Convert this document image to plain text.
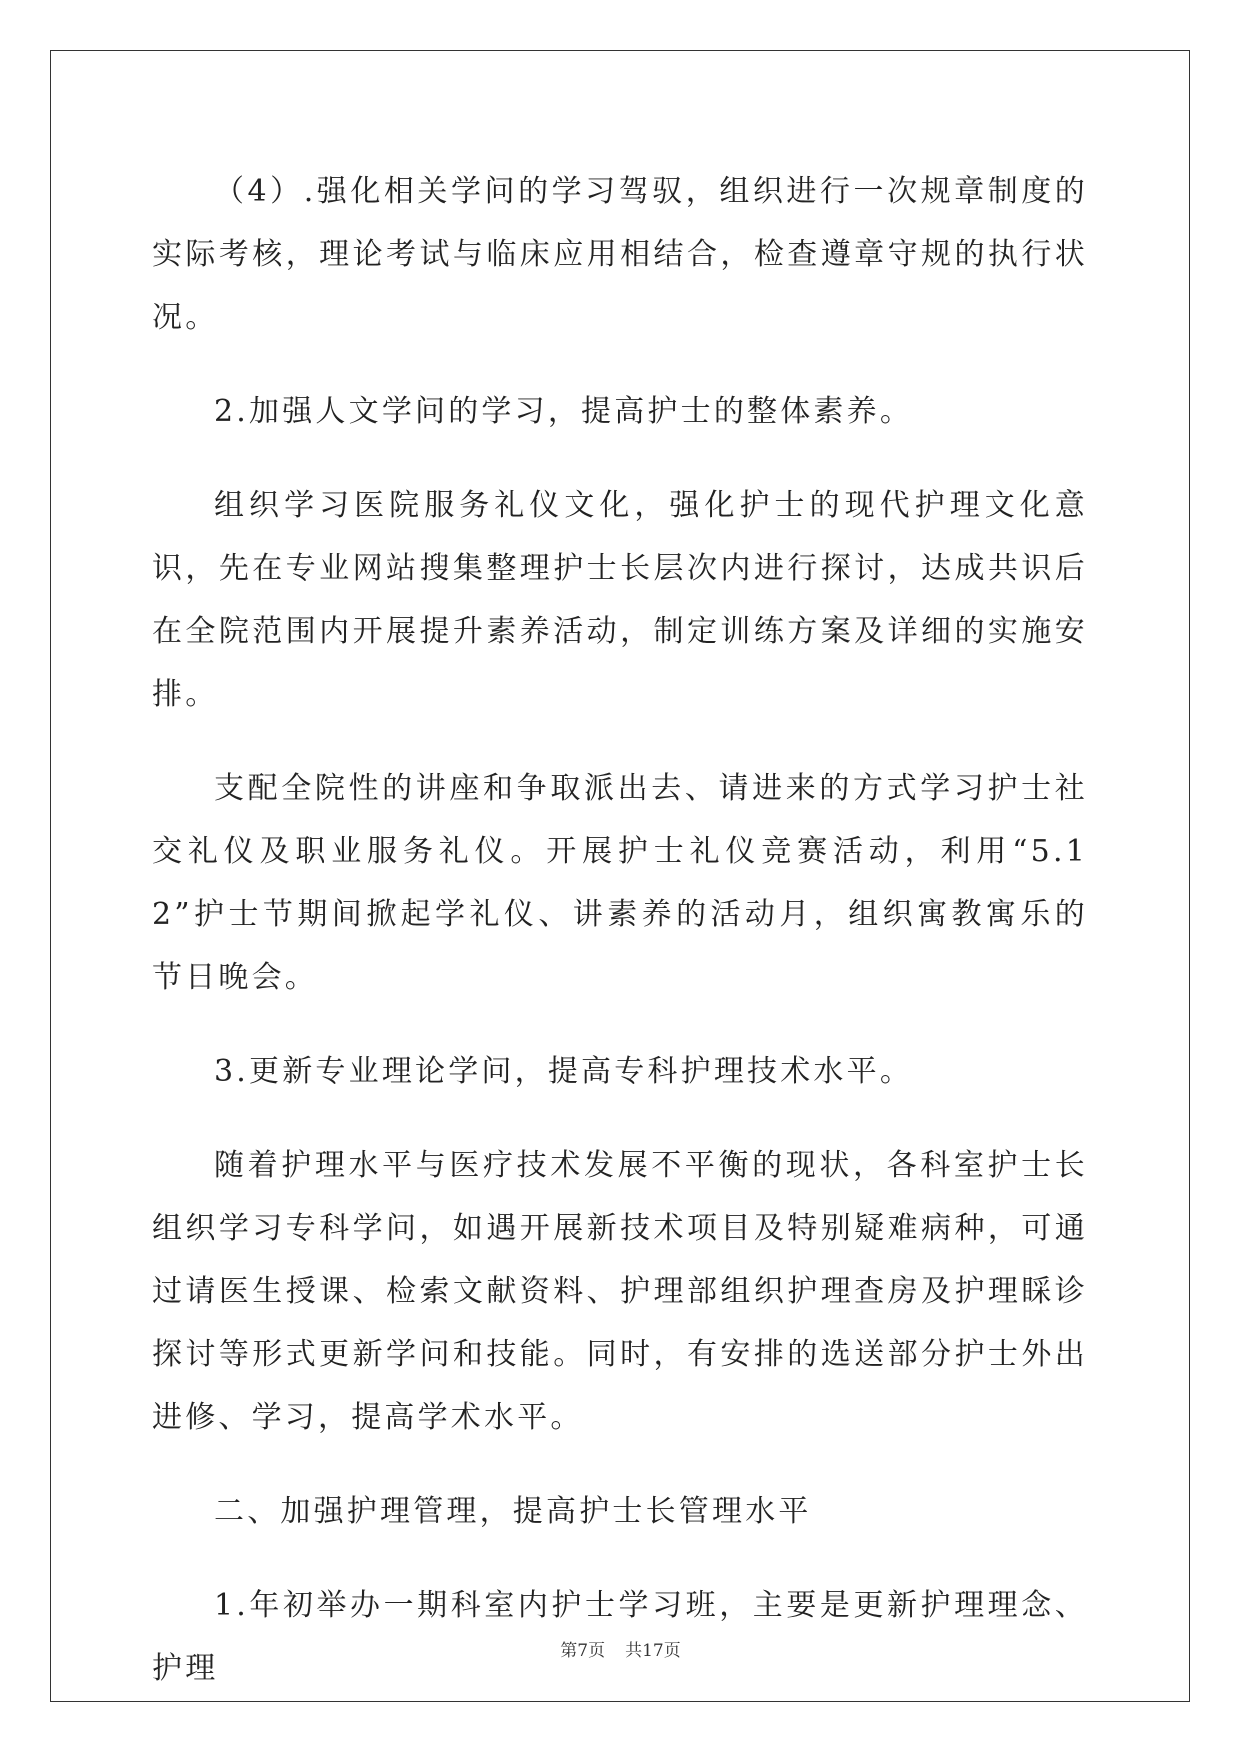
（4）.强化相关学问的学习驾驭，组织进行一次规章制度的实际考核，理论考试与临床应用相结合，检查遵章守规的执行状况。

2.加强人文学问的学习，提高护士的整体素养。

组织学习医院服务礼仪文化，强化护士的现代护理文化意识，先在专业网站搜集整理护士长层次内进行探讨，达成共识后在全院范围内开展提升素养活动，制定训练方案及详细的实施安排。

支配全院性的讲座和争取派出去、请进来的方式学习护士社交礼仪及职业服务礼仪。开展护士礼仪竞赛活动，利用“5.12”护士节期间掀起学礼仪、讲素养的活动月，组织寓教寓乐的节日晚会。

3.更新专业理论学问，提高专科护理技术水平。

随着护理水平与医疗技术发展不平衡的现状，各科室护士长组织学习专科学问，如遇开展新技术项目及特别疑难病种，可通过请医生授课、检索文献资料、护理部组织护理查房及护理睬诊探讨等形式更新学问和技能。同时，有安排的选送部分护士外出进修、学习，提高学术水平。

二、加强护理管理，提高护士长管理水平

1.年初举办一期科室内护士学习班，主要是更新护理理念、护理	第7页 共17页
